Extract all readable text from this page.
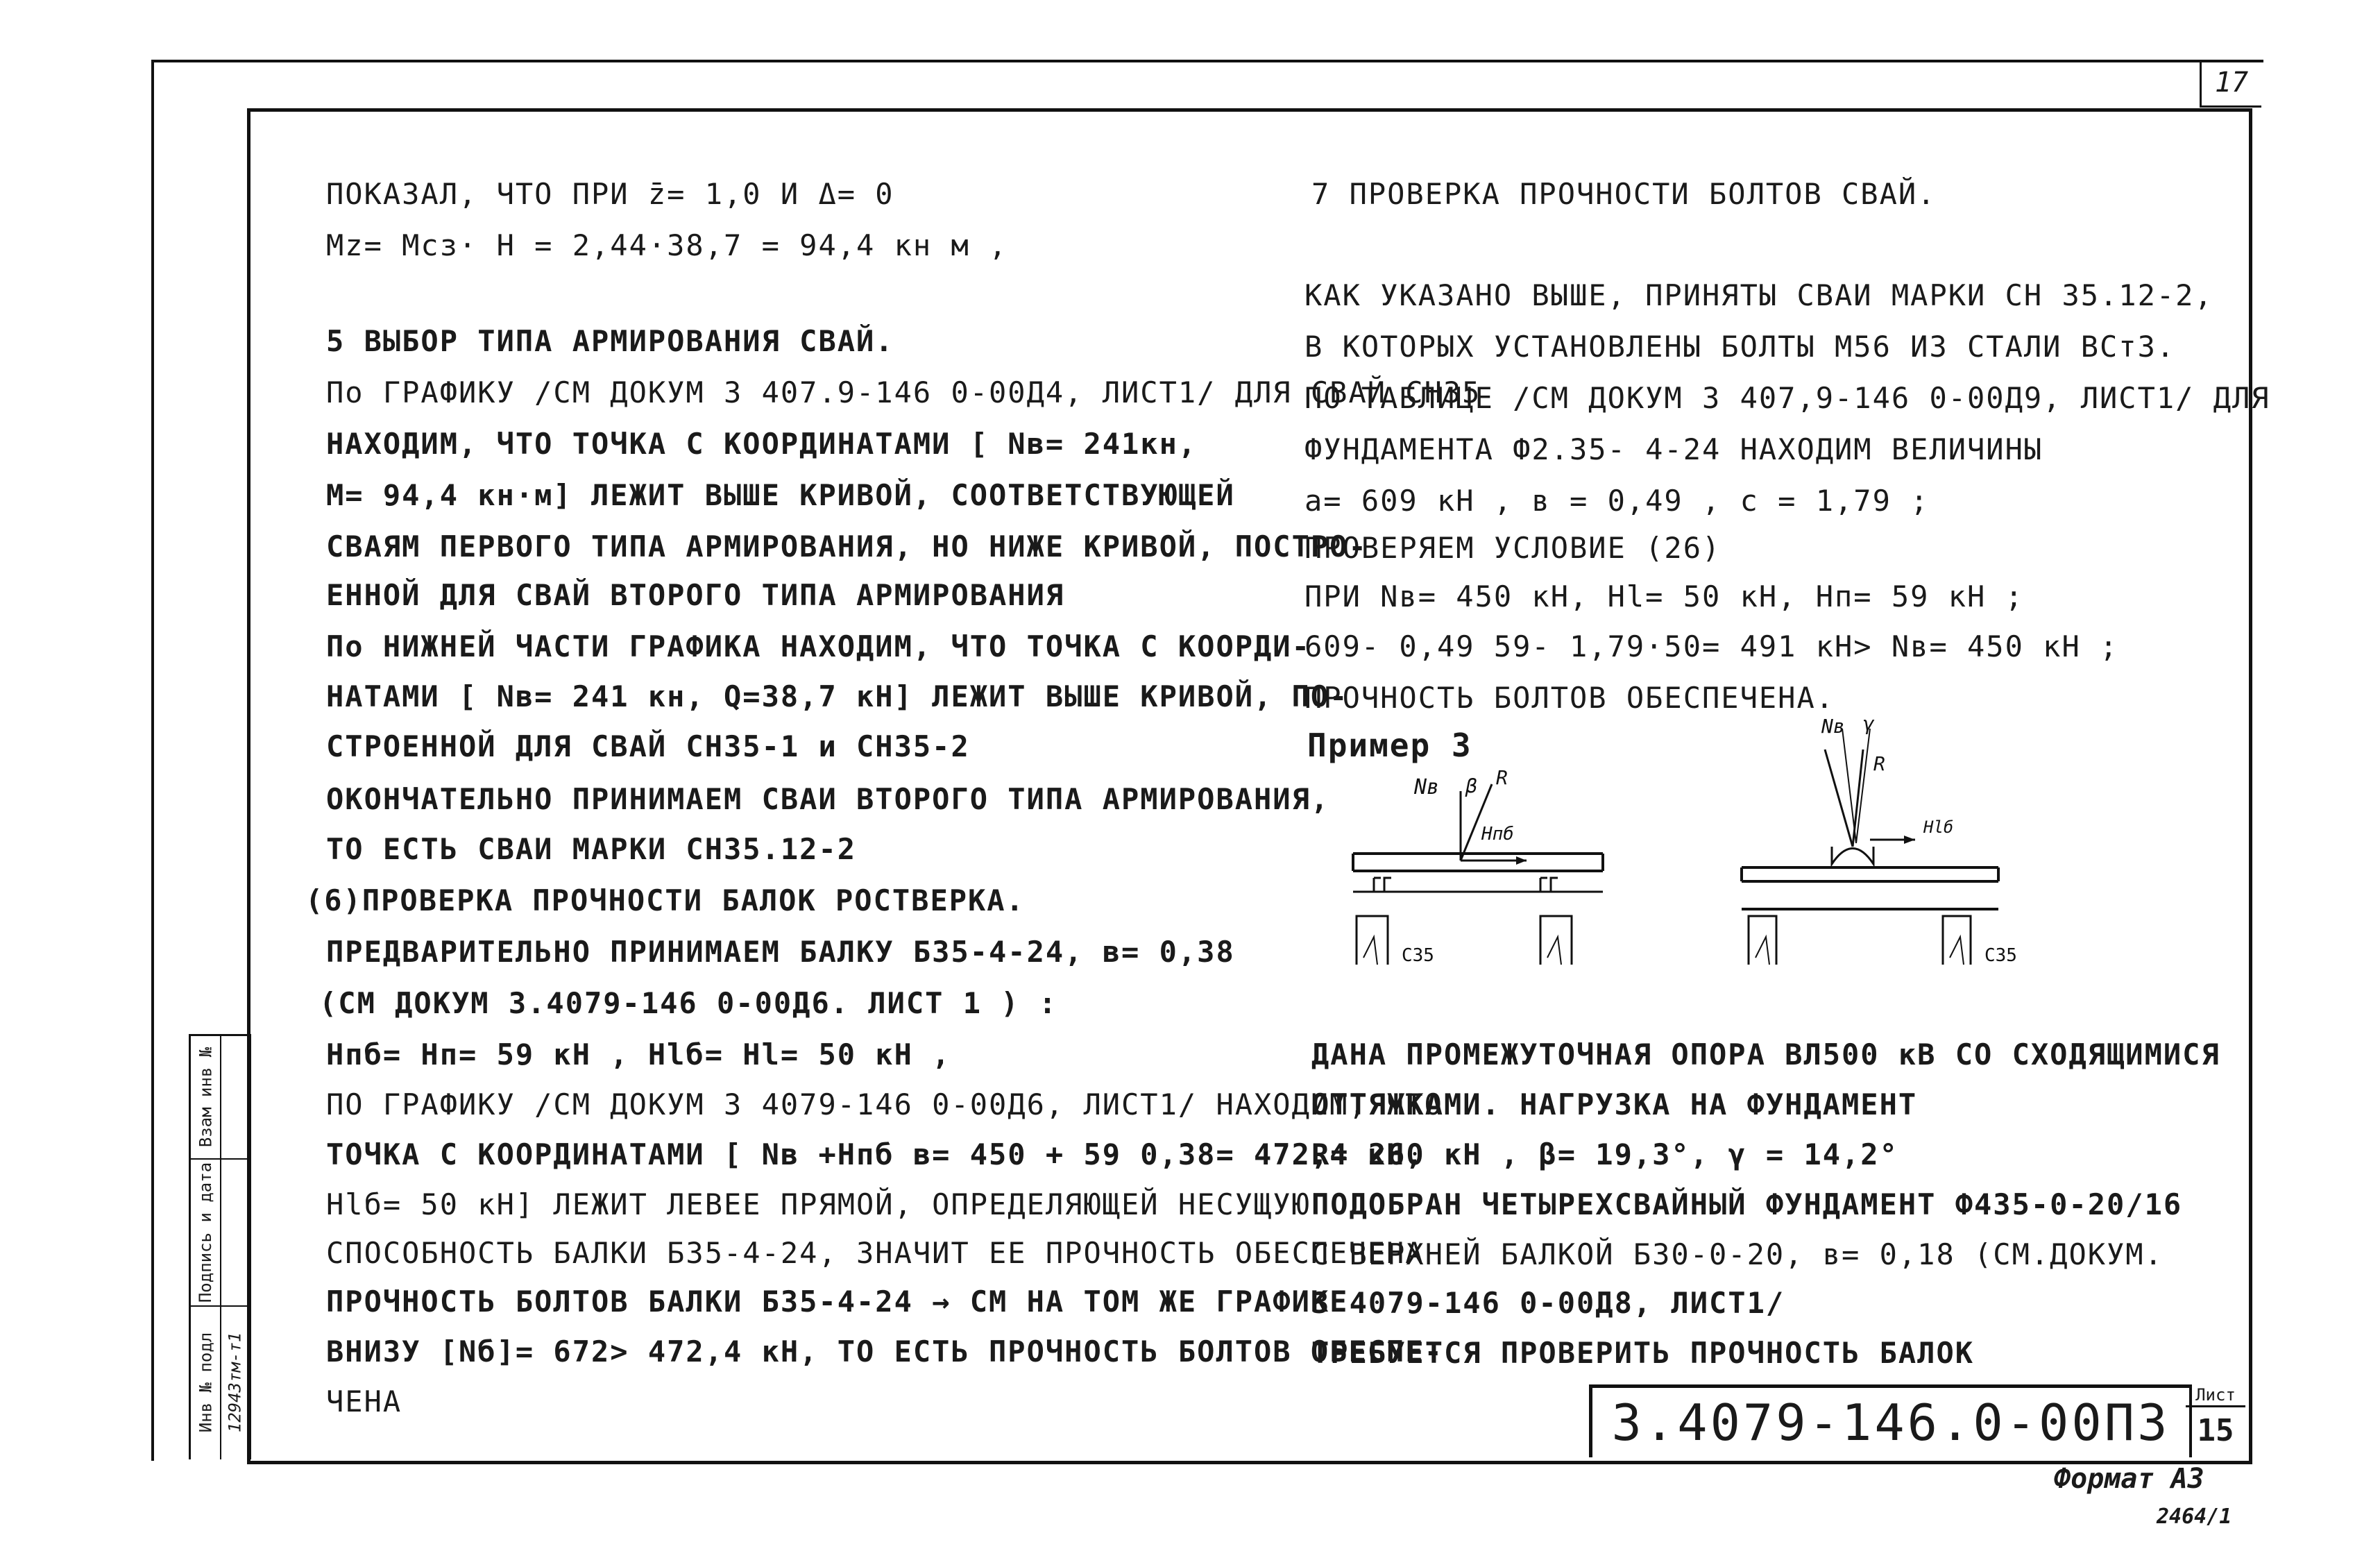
17
ПОКАЗАЛ, ЧТО ПРИ z̄= 1,0 И Δ= 0
Мz= Мсз· Н = 2,44·38,7 = 94,4 кн м ,
5 ВЫБОР ТИПА АРМИРОВАНИЯ СВАЙ.
По ГРАФИКУ /СМ ДОКУМ 3 407.9-146 0-00Д4, ЛИСТ1/ ДЛЯ СВАЙ СН35
НАХОДИМ, ЧТО ТОЧКА С КООРДИНАТАМИ [ Nв= 241кн,
М= 94,4 кн·м] ЛЕЖИТ ВЫШЕ КРИВОЙ, СООТВЕТСТВУЮЩЕЙ
СВАЯМ ПЕРВОГО ТИПА АРМИРОВАНИЯ, НО НИЖЕ КРИВОЙ, ПОСТРО-
ЕННОЙ ДЛЯ СВАЙ ВТОРОГО ТИПА АРМИРОВАНИЯ
По НИЖНЕЙ ЧАСТИ ГРАФИКА НАХОДИМ, ЧТО ТОЧКА С КООРДИ-
НАТАМИ [ Nв= 241 кн, Q=38,7 кН] ЛЕЖИТ ВЫШЕ КРИВОЙ, ПО-
СТРОЕННОЙ ДЛЯ СВАЙ СН35-1 и СН35-2
ОКОНЧАТЕЛЬНО ПРИНИМАЕМ СВАИ ВТОРОГО ТИПА АРМИРОВАНИЯ,
ТО ЕСТЬ СВАИ МАРКИ СН35.12-2
(6)ПРОВЕРКА ПРОЧНОСТИ БАЛОК РОСТВЕРКА.
ПРЕДВАРИТЕЛЬНО ПРИНИМАЕМ БАЛКУ Б35-4-24, в= 0,38
(СМ ДОКУМ 3.4079-146 0-00Д6. ЛИСТ 1 ) :
Нпб= Нп= 59 кН , Нlб= Нl= 50 кН ,
ПО ГРАФИКУ /СМ ДОКУМ 3 4079-146 0-00Д6, ЛИСТ1/ НАХОДИМ, ЧТО
ТОЧКА С КООРДИНАТАМИ [ Nв +Нпб в= 450 + 59 0,38= 472,4 кН,
Нlб= 50 кН] ЛЕЖИТ ЛЕВЕЕ ПРЯМОЙ, ОПРЕДЕЛЯЮЩЕЙ НЕСУЩУЮ
СПОСОБНОСТЬ БАЛКИ Б35-4-24, ЗНАЧИТ ЕЕ ПРОЧНОСТЬ ОБЕСПЕЧЕНА
ПРОЧНОСТЬ БОЛТОВ БАЛКИ Б35-4-24 → СМ НА ТОМ ЖЕ ГРАФИКЕ
ВНИЗУ [Nб]= 672> 472,4 кН, ТО ЕСТЬ ПРОЧНОСТЬ БОЛТОВ ОБЕСПЕ-
ЧЕНА
7 ПРОВЕРКА ПРОЧНОСТИ БОЛТОВ СВАЙ.
КАК УКАЗАНО ВЫШЕ, ПРИНЯТЫ СВАИ МАРКИ СН 35.12-2,
В КОТОРЫХ УСТАНОВЛЕНЫ БОЛТЫ М56 ИЗ СТАЛИ ВСт3.
ПО ТАБЛИЦЕ /СМ ДОКУМ 3 407,9-146 0-00Д9, ЛИСТ1/ ДЛЯ
ФУНДАМЕНТА Ф2.35- 4-24 НАХОДИМ ВЕЛИЧИНЫ
а= 609 кН , в = 0,49 , с = 1,79 ;
ПРОВЕРЯЕМ УСЛОВИЕ (26)
ПРИ Nв= 450 кН, Нl= 50 кН, Нп= 59 кН ;
609- 0,49 59- 1,79·50= 491 кН> Nв= 450 кН ;
ПРОЧНОСТЬ БОЛТОВ ОБЕСПЕЧЕНА.
Пример 3
Nв β R
Нпб
С35
Nв γ
R
Нlб
С35
ДАНА ПРОМЕЖУТОЧНАЯ ОПОРА ВЛ500 кВ СО СХОДЯЩИМИСЯ
ОТТЯЖКАМИ. НАГРУЗКА НА ФУНДАМЕНТ
R= 260 кН , β= 19,3°, γ = 14,2°
ПОДОБРАН ЧЕТЫРЕХСВАЙНЫЙ ФУНДАМЕНТ Ф435-0-20/16
С ВЕРХНЕЙ БАЛКОЙ Б30-0-20, в= 0,18 (СМ.ДОКУМ.
3 4079-146 0-00Д8, ЛИСТ1/
ТРЕБУЕТСЯ ПРОВЕРИТЬ ПРОЧНОСТЬ БАЛОК
3.4079-146.0-00П3	Лист
15
Взам инв №
Подпись и дата
Инв № подл 12943тм-т1
Формат А3
2464/1
